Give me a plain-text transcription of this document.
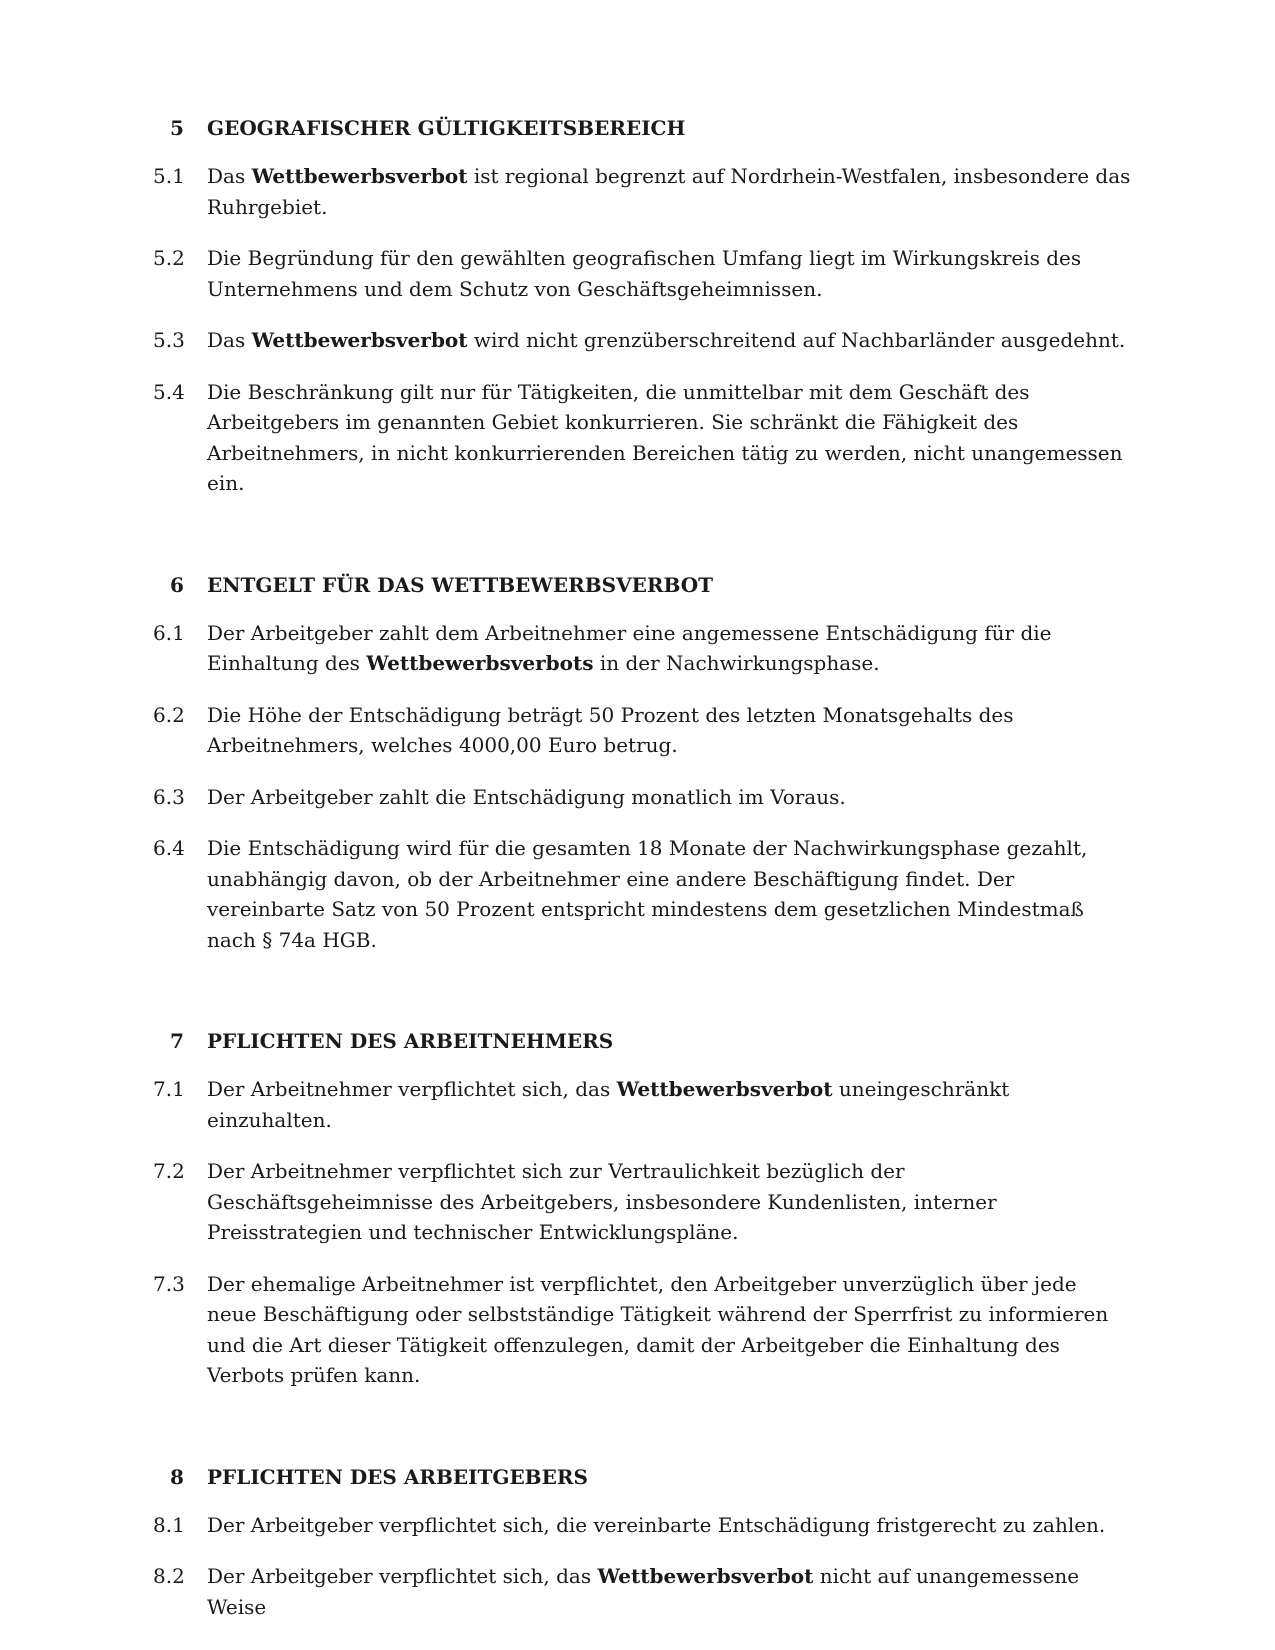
5	GEOGRAFISCHER GÜLTIGKEITSBEREICH
5.1 Das Wettbewerbsverbot ist regional begrenzt auf Nordrhein-Westfalen, insbesondere das Ruhrgebiet.
5.2 Die Begründung für den gewählten geografischen Umfang liegt im Wirkungskreis des Unternehmens und dem Schutz von Geschäftsgeheimnissen.
5.3 Das Wettbewerbsverbot wird nicht grenzüberschreitend auf Nachbarländer ausgedehnt.
5.4 Die Beschränkung gilt nur für Tätigkeiten, die unmittelbar mit dem Geschäft des Arbeitgebers im genannten Gebiet konkurrieren. Sie schränkt die Fähigkeit des Arbeitnehmers, in nicht konkurrierenden Bereichen tätig zu werden, nicht unangemessen ein.
6	ENTGELT FÜR DAS WETTBEWERBSVERBOT
6.1 Der Arbeitgeber zahlt dem Arbeitnehmer eine angemessene Entschädigung für die Einhaltung des Wettbewerbsverbots in der Nachwirkungsphase.
6.2 Die Höhe der Entschädigung beträgt 50 Prozent des letzten Monatsgehalts des Arbeitnehmers, welches 4000,00 Euro betrug.
6.3 Der Arbeitgeber zahlt die Entschädigung monatlich im Voraus.
6.4 Die Entschädigung wird für die gesamten 18 Monate der Nachwirkungsphase gezahlt, unabhängig davon, ob der Arbeitnehmer eine andere Beschäftigung findet. Der vereinbarte Satz von 50 Prozent entspricht mindestens dem gesetzlichen Mindestmaß nach § 74a HGB.
7	PFLICHTEN DES ARBEITNEHMERS
7.1 Der Arbeitnehmer verpflichtet sich, das Wettbewerbsverbot uneingeschränkt einzuhalten.
7.2 Der Arbeitnehmer verpflichtet sich zur Vertraulichkeit bezüglich der Geschäftsgeheimnisse des Arbeitgebers, insbesondere Kundenlisten, interner Preisstrategien und technischer Entwicklungspläne.
7.3 Der ehemalige Arbeitnehmer ist verpflichtet, den Arbeitgeber unverzüglich über jede neue Beschäftigung oder selbstständige Tätigkeit während der Sperrfrist zu informieren und die Art dieser Tätigkeit offenzulegen, damit der Arbeitgeber die Einhaltung des Verbots prüfen kann.
8	PFLICHTEN DES ARBEITGEBERS
8.1 Der Arbeitgeber verpflichtet sich, die vereinbarte Entschädigung fristgerecht zu zahlen.
8.2 Der Arbeitgeber verpflichtet sich, das Wettbewerbsverbot nicht auf unangemessene Weise
